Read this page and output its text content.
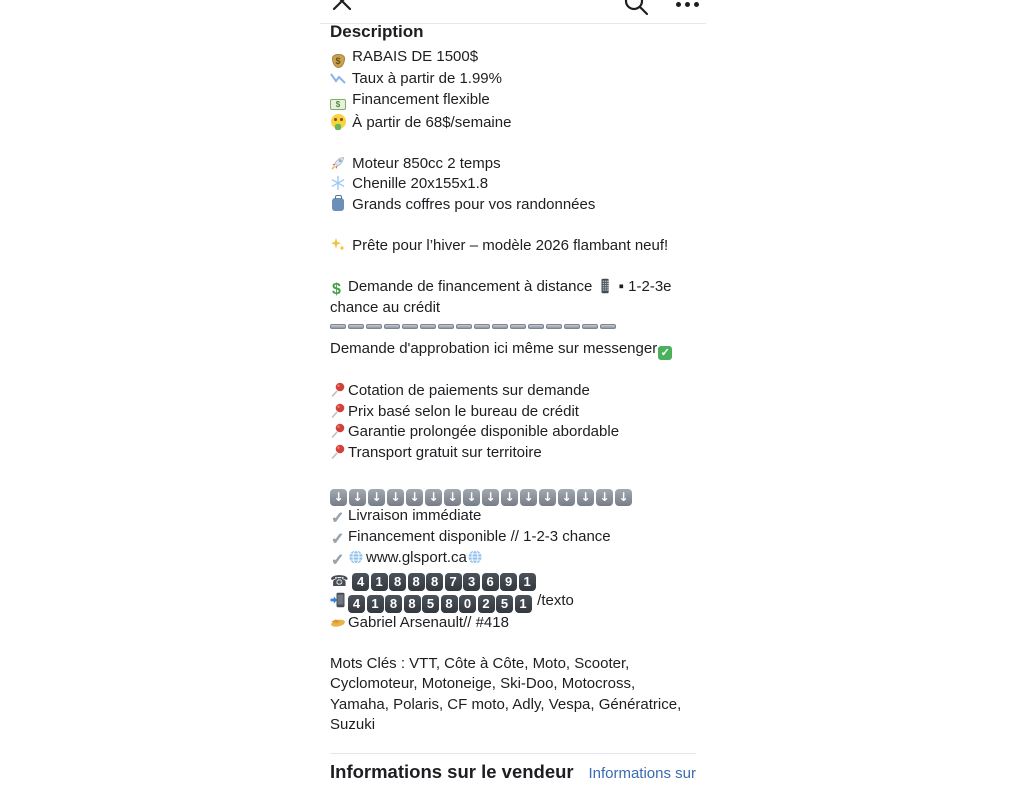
Description
$ RABAIS DE 1500$
Taux à partir de 1.99%
$ Financement flexible
À partir de 68$/semaine
Moteur 850cc 2 temps
Chenille 20x155x1.8
Grands coffres pour vos randonnées
Prête pour l’hiver – modèle 2026 flambant neuf!
$ Demande de financement à distance
▪ 1-2-3e chance au crédit
Demande d'approbation ici même sur messenger ✓
Cotation de paiements sur demande
Prix basé selon le bureau de crédit
Garantie prolongée disponible abordable
Transport gratuit sur territoire
↓ ↓ ↓ ↓ ↓ ↓ ↓ ↓ ↓ ↓ ↓ ↓ ↓ ↓ ↓ ↓
✓ Livraison immédiate
✓ Financement disponible // 1-2-3 chance
✓ www.glsport.ca
☎ 4 1 8 8 8 7 3 6 9 1
4 1 8 8 5 8 0 2 5 1 /texto
Gabriel Arsenault// #418
Mots Clés : VTT, Côte à Côte, Moto, Scooter, Cyclomoteur, Motoneige, Ski-Doo, Motocross, Yamaha, Polaris, CF moto, Adly, Vespa, Génératrice, Suzuki
Informations sur le vendeur Informations sur
